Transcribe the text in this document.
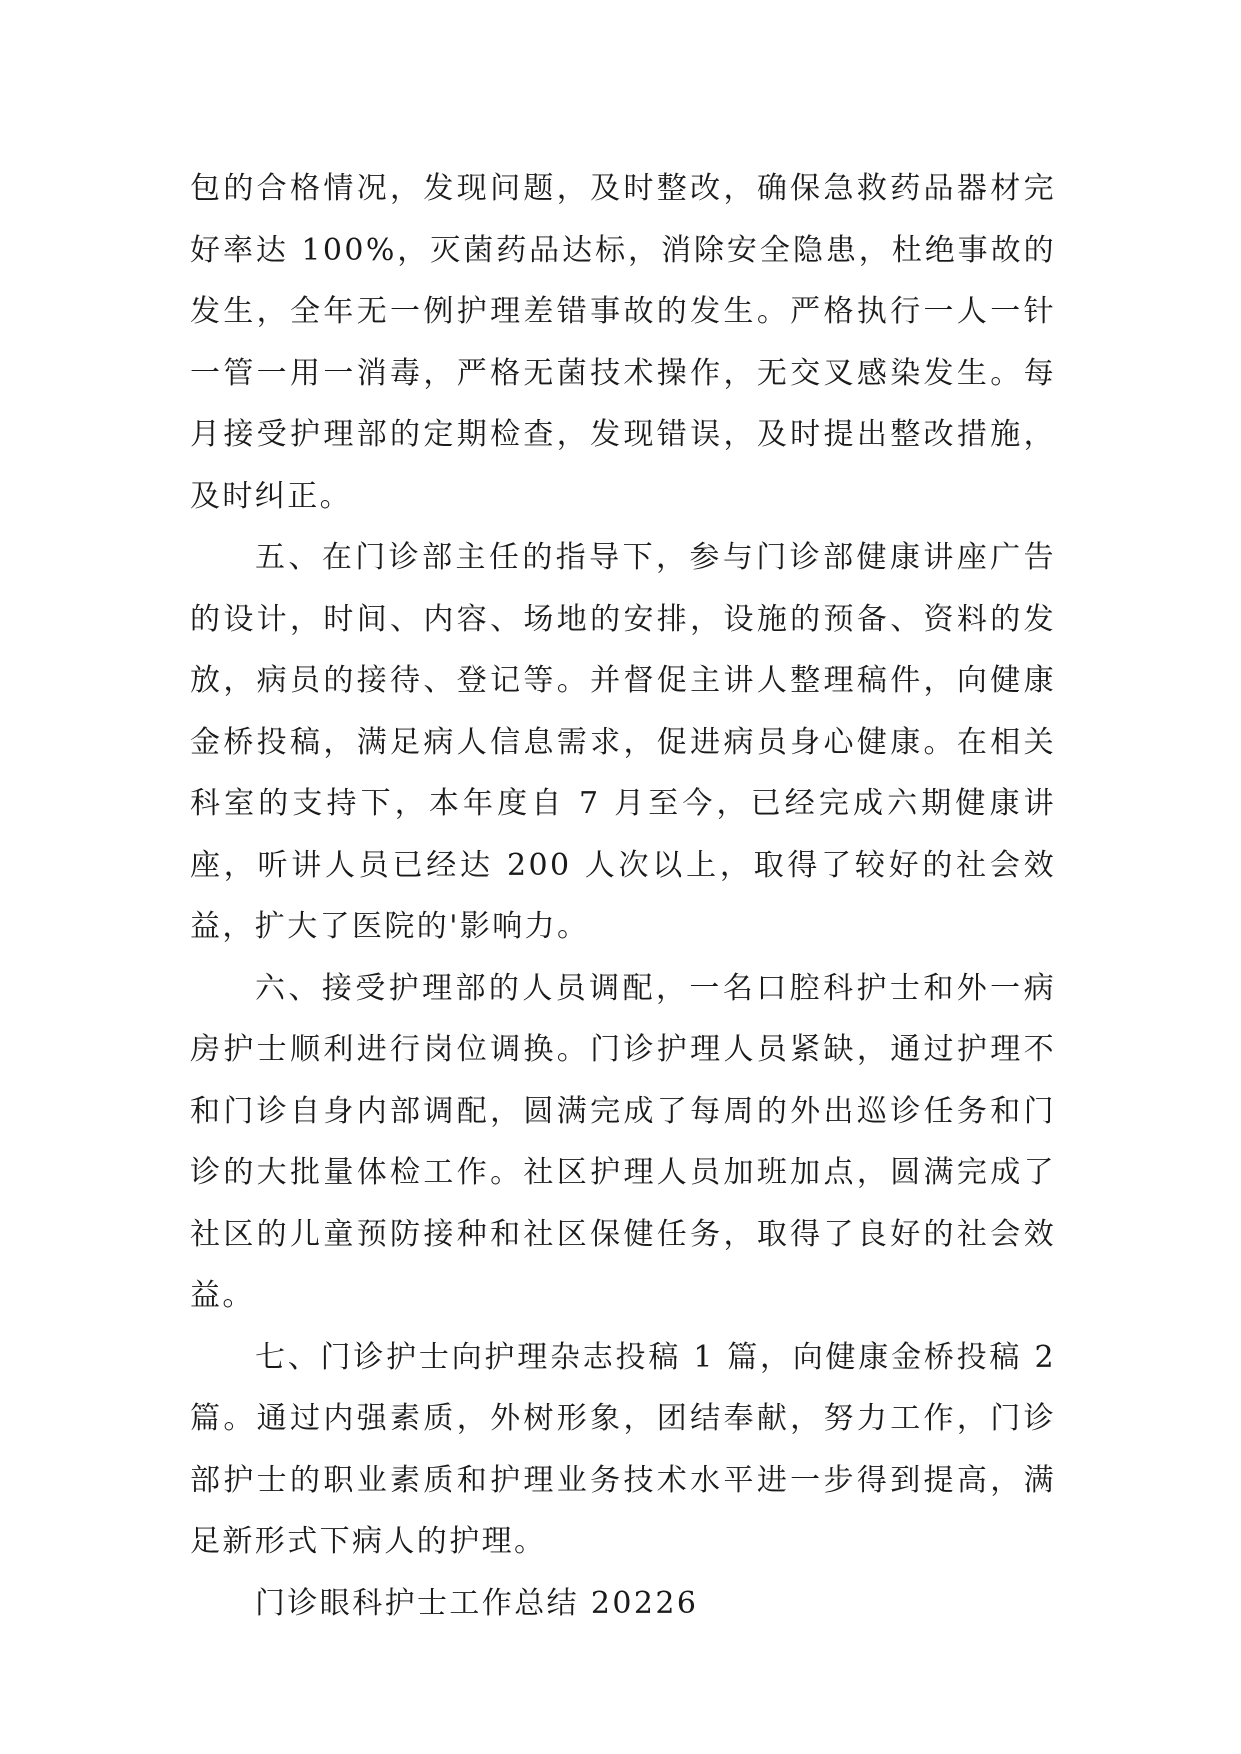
包的合格情况，发现问题，及时整改，确保急救药品器材完好率达 100%，灭菌药品达标，消除安全隐患，杜绝事故的发生，全年无一例护理差错事故的发生。严格执行一人一针一管一用一消毒，严格无菌技术操作，无交叉感染发生。每月接受护理部的定期检查，发现错误，及时提出整改措施，及时纠正。

五、在门诊部主任的指导下，参与门诊部健康讲座广告的设计，时间、内容、场地的安排，设施的预备、资料的发放，病员的接待、登记等。并督促主讲人整理稿件，向健康金桥投稿，满足病人信息需求，促进病员身心健康。在相关科室的支持下，本年度自 7 月至今，已经完成六期健康讲座，听讲人员已经达 200 人次以上，取得了较好的社会效益，扩大了医院的'影响力。

六、接受护理部的人员调配，一名口腔科护士和外一病房护士顺利进行岗位调换。门诊护理人员紧缺，通过护理不和门诊自身内部调配，圆满完成了每周的外出巡诊任务和门诊的大批量体检工作。社区护理人员加班加点，圆满完成了社区的儿童预防接种和社区保健任务，取得了良好的社会效益。

七、门诊护士向护理杂志投稿 1 篇，向健康金桥投稿 2 篇。通过内强素质，外树形象，团结奉献，努力工作，门诊部护士的职业素质和护理业务技术水平进一步得到提高，满足新形式下病人的护理。

门诊眼科护士工作总结 20226
